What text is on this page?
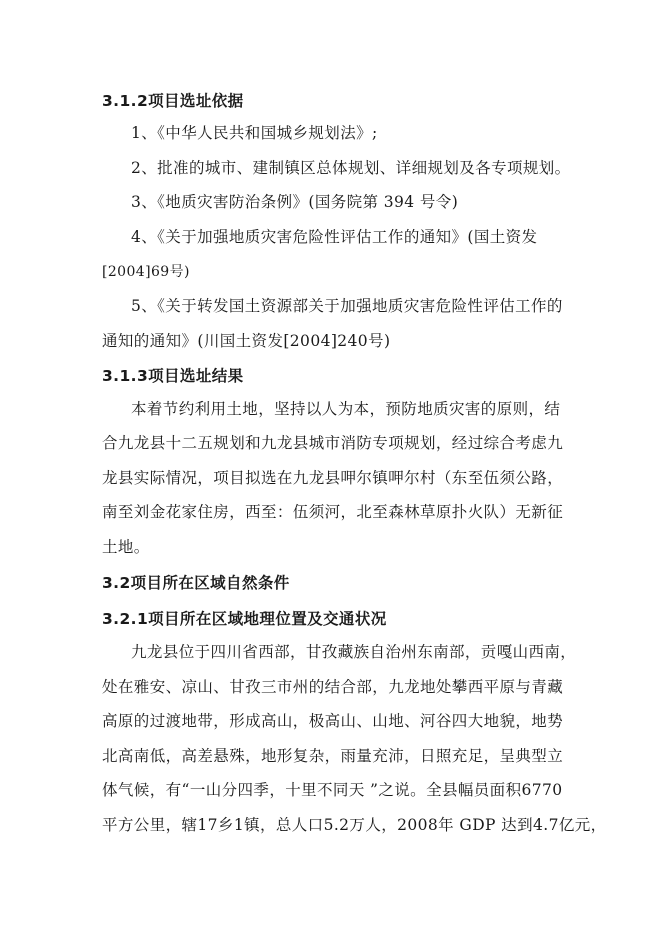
3.1.2项目选址依据
1、《中华人民共和国城乡规划法》;
2、批准的城市、建制镇区总体规划、详细规划及各专项规划。
3、《地质灾害防治条例》(国务院第 394 号令)
4、《关于加强地质灾害危险性评估工作的通知》(国土资发
[2004]69号)
5、《关于转发国土资源部关于加强地质灾害危险性评估工作的
通知的通知》(川国土资发[2004]240号)
3.1.3项目选址结果
本着节约利用土地，坚持以人为本，预防地质灾害的原则，结
合九龙县十二五规划和九龙县城市消防专项规划，经过综合考虑九
龙县实际情况，项目拟选在九龙县呷尔镇呷尔村（东至伍须公路，
南至刘金花家住房，西至：伍须河，北至森林草原扑火队）无新征
土地。
3.2项目所在区域自然条件
3.2.1项目所在区域地理位置及交通状况
九龙县位于四川省西部，甘孜藏族自治州东南部，贡嘎山西南，
处在雅安、凉山、甘孜三市州的结合部，九龙地处攀西平原与青藏
高原的过渡地带，形成高山，极高山、山地、河谷四大地貌，地势
北高南低，高差悬殊，地形复杂，雨量充沛，日照充足，呈典型立
体气候，有“一山分四季，十里不同天 ”之说。全县幅员面积6770
平方公里，辖17乡1镇，总人口5.2万人，2008年 GDP 达到4.7亿元，
